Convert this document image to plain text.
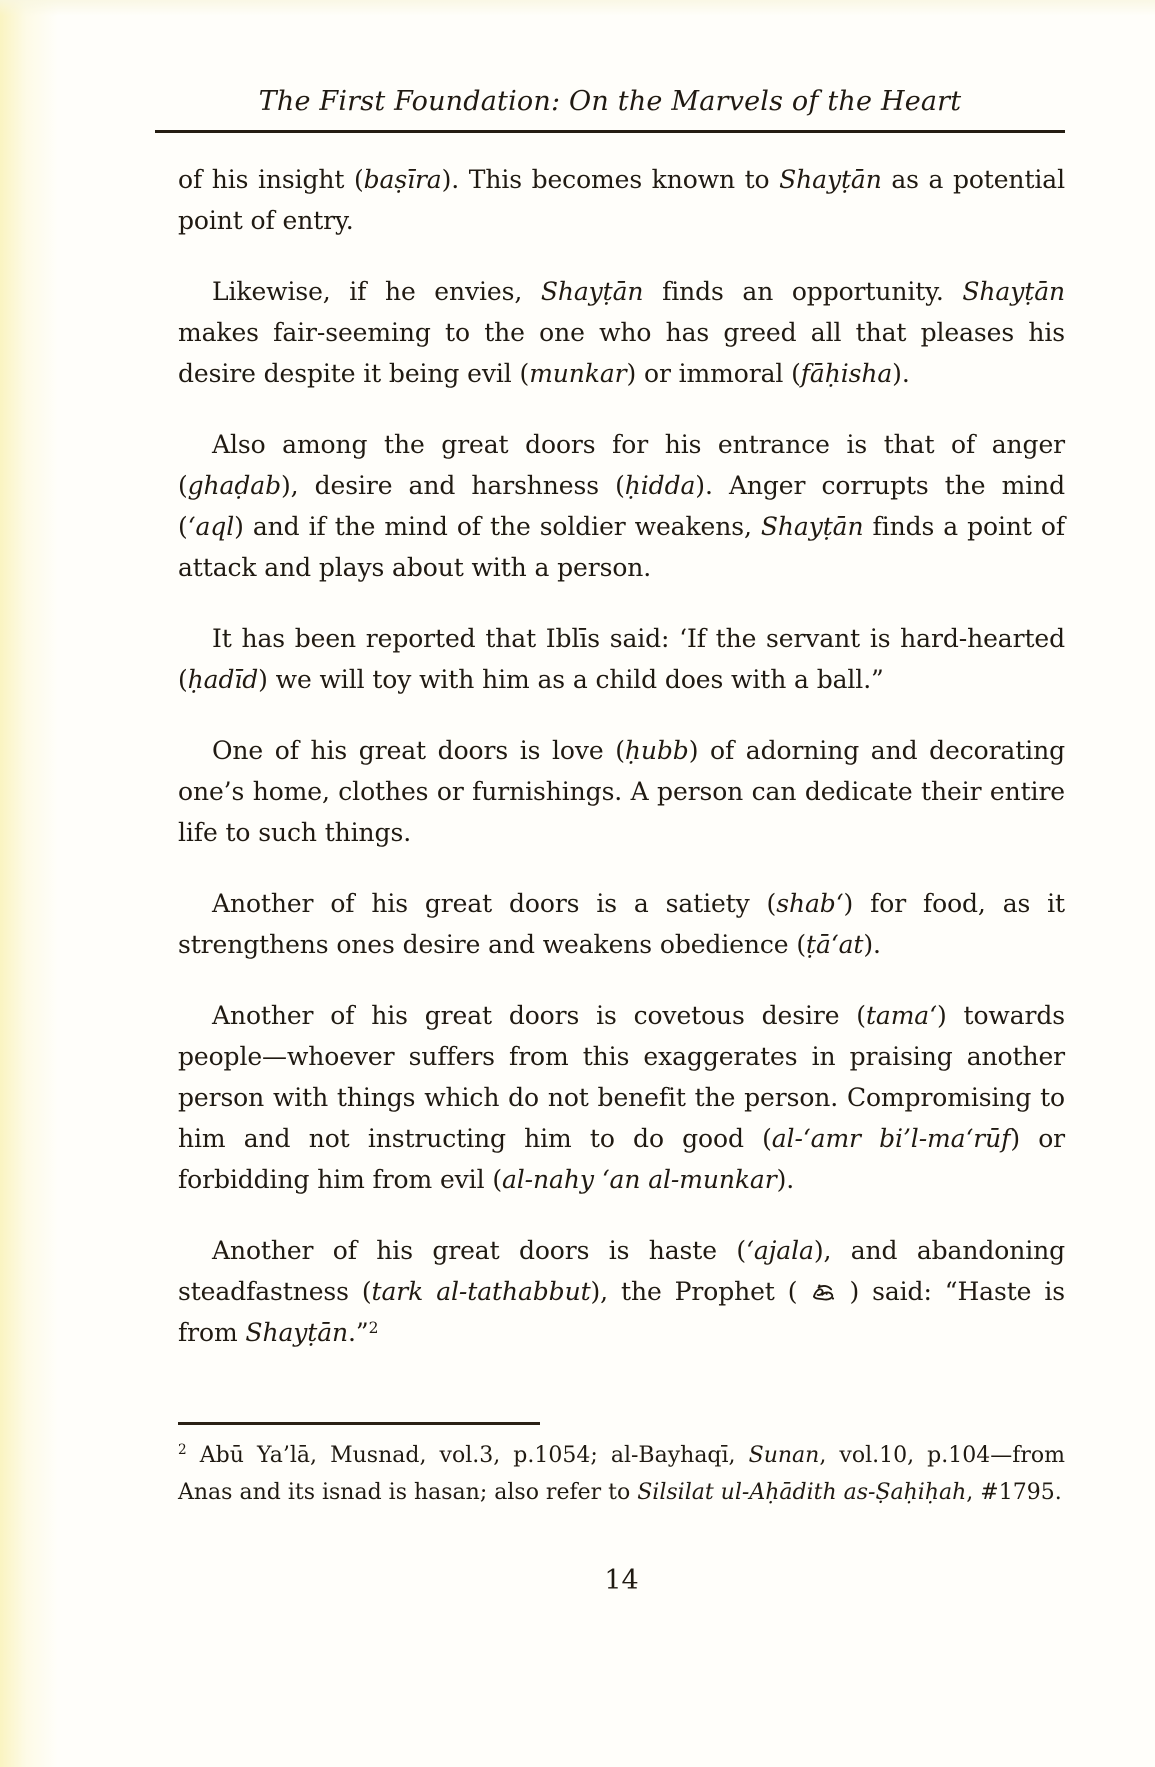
The First Foundation: On the Marvels of the Heart

of his insight (baṣīra). This becomes known to Shayṭān as a potential point of entry.

Likewise, if he envies, Shayṭān finds an opportunity. Shayṭān makes fair-seeming to the one who has greed all that pleases his desire despite it being evil (munkar) or immoral (fāḥisha).

Also among the great doors for his entrance is that of anger (ghaḍab), desire and harshness (ḥidda). Anger corrupts the mind (‘aql) and if the mind of the soldier weakens, Shayṭān finds a point of attack and plays about with a person.

It has been reported that Iblīs said: ‘If the servant is hard-hearted (ḥadīd) we will toy with him as a child does with a ball.”

One of his great doors is love (ḥubb) of adorning and decorating one’s home, clothes or furnishings. A person can dedicate their entire life to such things.

Another of his great doors is a satiety (shab‘) for food, as it strengthens ones desire and weakens obedience (ṭā‘at).

Another of his great doors is covetous desire (tama‘) towards people—whoever suffers from this exaggerates in praising another person with things which do not benefit the person. Compromising to him and not instructing him to do good (al-‘amr bi’l-ma‘rūf) or forbidding him from evil (al-nahy ‘an al-munkar).

Another of his great doors is haste (‘ajala), and abandoning steadfastness (tark al-tathabbut), the Prophet ( ) said: “Haste is from Shayṭān.”$^2$

$^2$ Abū Ya’lā, Musnad, vol.3, p.1054; al-Bayhaqī, Sunan, vol.10, p.104—from Anas and its isnad is hasan; also refer to Silsilat ul-Aḥādith as-Ṣaḥiḥah, #1795.
14
